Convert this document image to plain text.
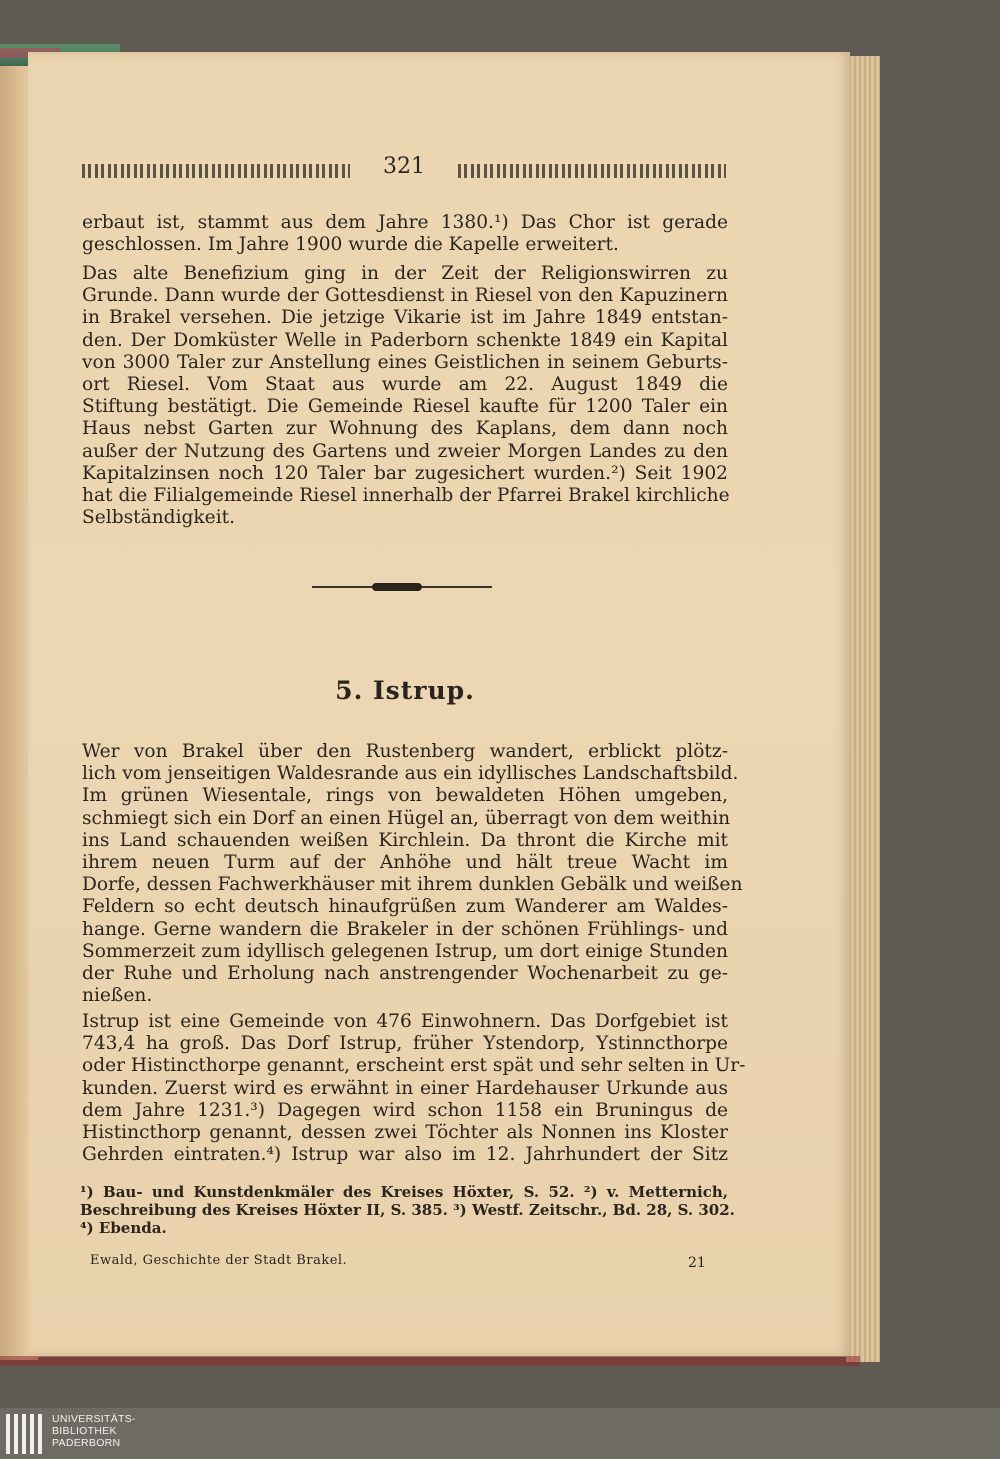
321
erbaut ist, stammt aus dem Jahre 1380.¹) Das Chor ist gerade
geschlossen. Im Jahre 1900 wurde die Kapelle erweitert.
Das alte Benefizium ging in der Zeit der Religionswirren zu
Grunde. Dann wurde der Gottesdienst in Riesel von den Kapuzinern
in Brakel versehen. Die jetzige Vikarie ist im Jahre 1849 entstan-
den. Der Domküster Welle in Paderborn schenkte 1849 ein Kapital
von 3000 Taler zur Anstellung eines Geistlichen in seinem Geburts-
ort Riesel. Vom Staat aus wurde am 22. August 1849 die
Stiftung bestätigt. Die Gemeinde Riesel kaufte für 1200 Taler ein
Haus nebst Garten zur Wohnung des Kaplans, dem dann noch
außer der Nutzung des Gartens und zweier Morgen Landes zu den
Kapitalzinsen noch 120 Taler bar zugesichert wurden.²) Seit 1902
hat die Filialgemeinde Riesel innerhalb der Pfarrei Brakel kirchliche
Selbständigkeit.
5. Istrup.
Wer von Brakel über den Rustenberg wandert, erblickt plötz-
lich vom jenseitigen Waldesrande aus ein idyllisches Landschaftsbild.
Im grünen Wiesentale, rings von bewaldeten Höhen umgeben,
schmiegt sich ein Dorf an einen Hügel an, überragt von dem weithin
ins Land schauenden weißen Kirchlein. Da thront die Kirche mit
ihrem neuen Turm auf der Anhöhe und hält treue Wacht im
Dorfe, dessen Fachwerkhäuser mit ihrem dunklen Gebälk und weißen
Feldern so echt deutsch hinaufgrüßen zum Wanderer am Waldes-
hange. Gerne wandern die Brakeler in der schönen Frühlings- und
Sommerzeit zum idyllisch gelegenen Istrup, um dort einige Stunden
der Ruhe und Erholung nach anstrengender Wochenarbeit zu ge-
nießen.
Istrup ist eine Gemeinde von 476 Einwohnern. Das Dorfgebiet ist
743,4 ha groß. Das Dorf Istrup, früher Ystendorp, Ystinncthorpe
oder Histincthorpe genannt, erscheint erst spät und sehr selten in Ur-
kunden. Zuerst wird es erwähnt in einer Hardehauser Urkunde aus
dem Jahre 1231.³) Dagegen wird schon 1158 ein Bruningus de
Histincthorp genannt, dessen zwei Töchter als Nonnen ins Kloster
Gehrden eintraten.⁴) Istrup war also im 12. Jahrhundert der Sitz
¹) Bau- und Kunstdenkmäler des Kreises Höxter, S. 52. ²) v. Metternich,
Beschreibung des Kreises Höxter II, S. 385. ³) Westf. Zeitschr., Bd. 28, S. 302.
⁴) Ebenda.
Ewald, Geschichte der Stadt Brakel.	21
UNIVERSITÄTS-
BIBLIOTHEK
PADERBORN
